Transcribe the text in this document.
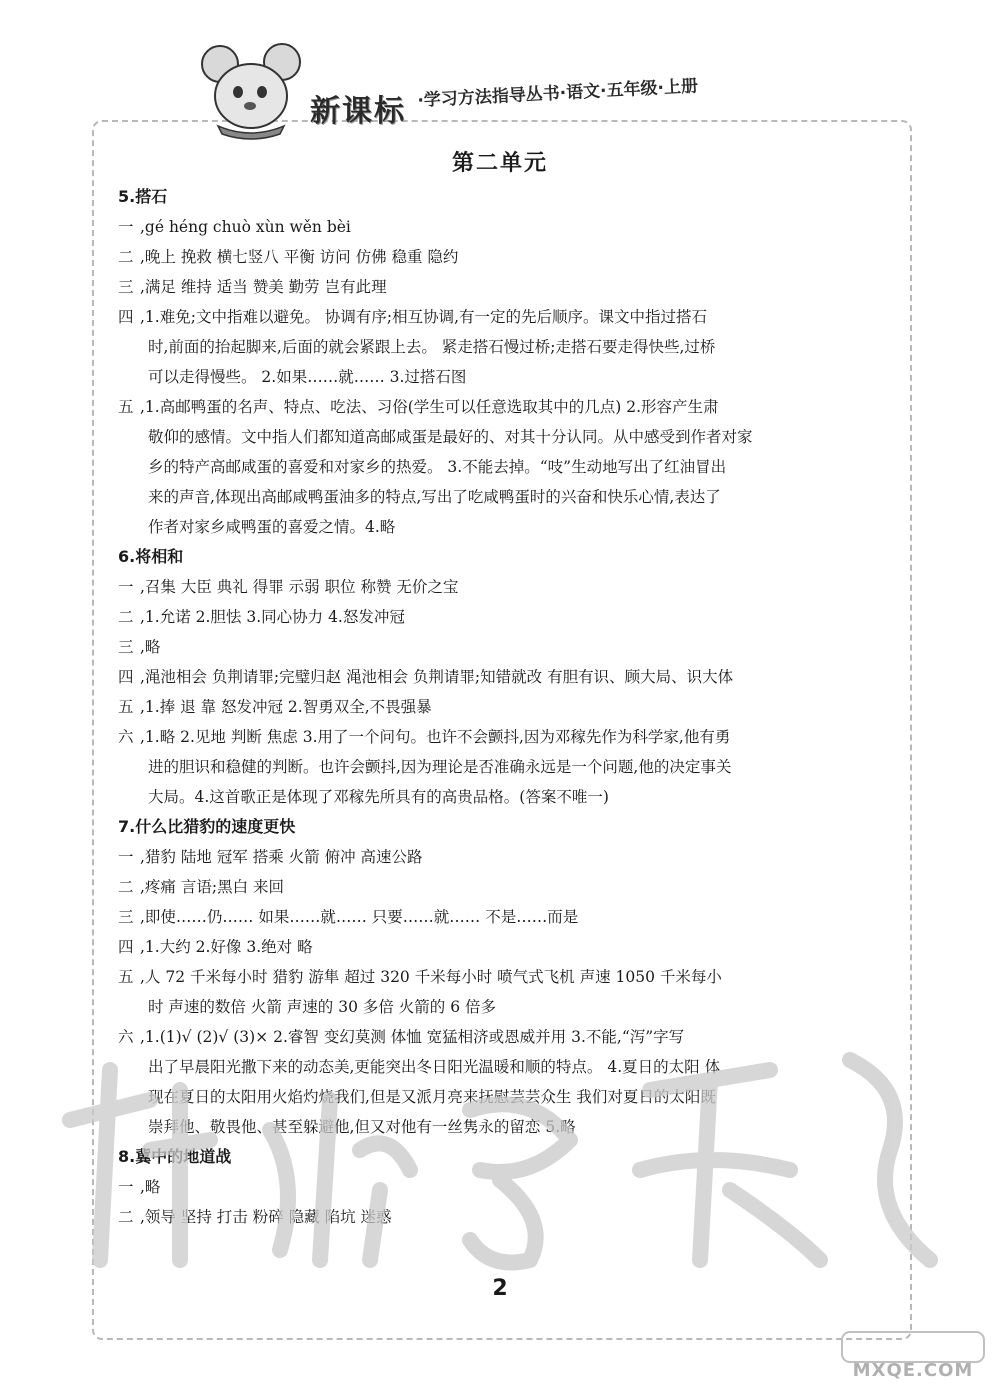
新课标
·学习方法指导丛书·语文·五年级·上册
第二单元

5.搭石

一 ,gé héng chuò xùn wěn bèi
二 ,晚上 挽救 横七竖八 平衡 访问 仿佛 稳重 隐约
三 ,满足 维持 适当 赞美 勤劳 岂有此理
四 ,1.难免;文中指难以避免。 协调有序;相互协调,有一定的先后顺序。课文中指过搭石
时,前面的抬起脚来,后面的就会紧跟上去。 紧走搭石慢过桥;走搭石要走得快些,过桥
可以走得慢些。 2.如果……就…… 3.过搭石图
五 ,1.高邮鸭蛋的名声、特点、吃法、习俗(学生可以任意选取其中的几点) 2.形容产生肃
敬仰的感情。文中指人们都知道高邮咸蛋是最好的、对其十分认同。从中感受到作者对家
乡的特产高邮咸蛋的喜爱和对家乡的热爱。 3.不能去掉。“吱”生动地写出了红油冒出
来的声音,体现出高邮咸鸭蛋油多的特点,写出了吃咸鸭蛋时的兴奋和快乐心情,表达了
作者对家乡咸鸭蛋的喜爱之情。4.略

6.将相和

一 ,召集 大臣 典礼 得罪 示弱 职位 称赞 无价之宝
二 ,1.允诺 2.胆怯 3.同心协力 4.怒发冲冠
三 ,略
四 ,渑池相会 负荆请罪;完璧归赵 渑池相会 负荆请罪;知错就改 有胆有识、顾大局、识大体
五 ,1.捧 退 靠 怒发冲冠 2.智勇双全,不畏强暴
六 ,1.略 2.见地 判断 焦虑 3.用了一个问句。也许不会颤抖,因为邓稼先作为科学家,他有勇
进的胆识和稳健的判断。也许会颤抖,因为理论是否准确永远是一个问题,他的决定事关
大局。4.这首歌正是体现了邓稼先所具有的高贵品格。(答案不唯一)

7.什么比猎豹的速度更快

一 ,猎豹 陆地 冠军 搭乘 火箭 俯冲 高速公路
二 ,疼痛 言语;黑白 来回
三 ,即使……仍…… 如果……就…… 只要……就…… 不是……而是
四 ,1.大约 2.好像 3.绝对 略
五 ,人 72 千米每小时 猎豹 游隼 超过 320 千米每小时 喷气式飞机 声速 1050 千米每小
时 声速的数倍 火箭 声速的 30 多倍 火箭的 6 倍多
六 ,1.(1)√ (2)√ (3)× 2.睿智 变幻莫测 体恤 宽猛相济或恩威并用 3.不能,“泻”字写
出了早晨阳光撒下来的动态美,更能突出冬日阳光温暖和顺的特点。 4.夏日的太阳 体
现在夏日的太阳用火焰灼烧我们,但是又派月亮来抚慰芸芸众生 我们对夏日的太阳既
崇拜他、敬畏他、甚至躲避他,但又对他有一丝隽永的留恋 5.略

8.冀中的地道战

一 ,略
二 ,领导 坚持 打击 粉碎 隐藏 陷坑 迷惑
2
MXQE.COM
